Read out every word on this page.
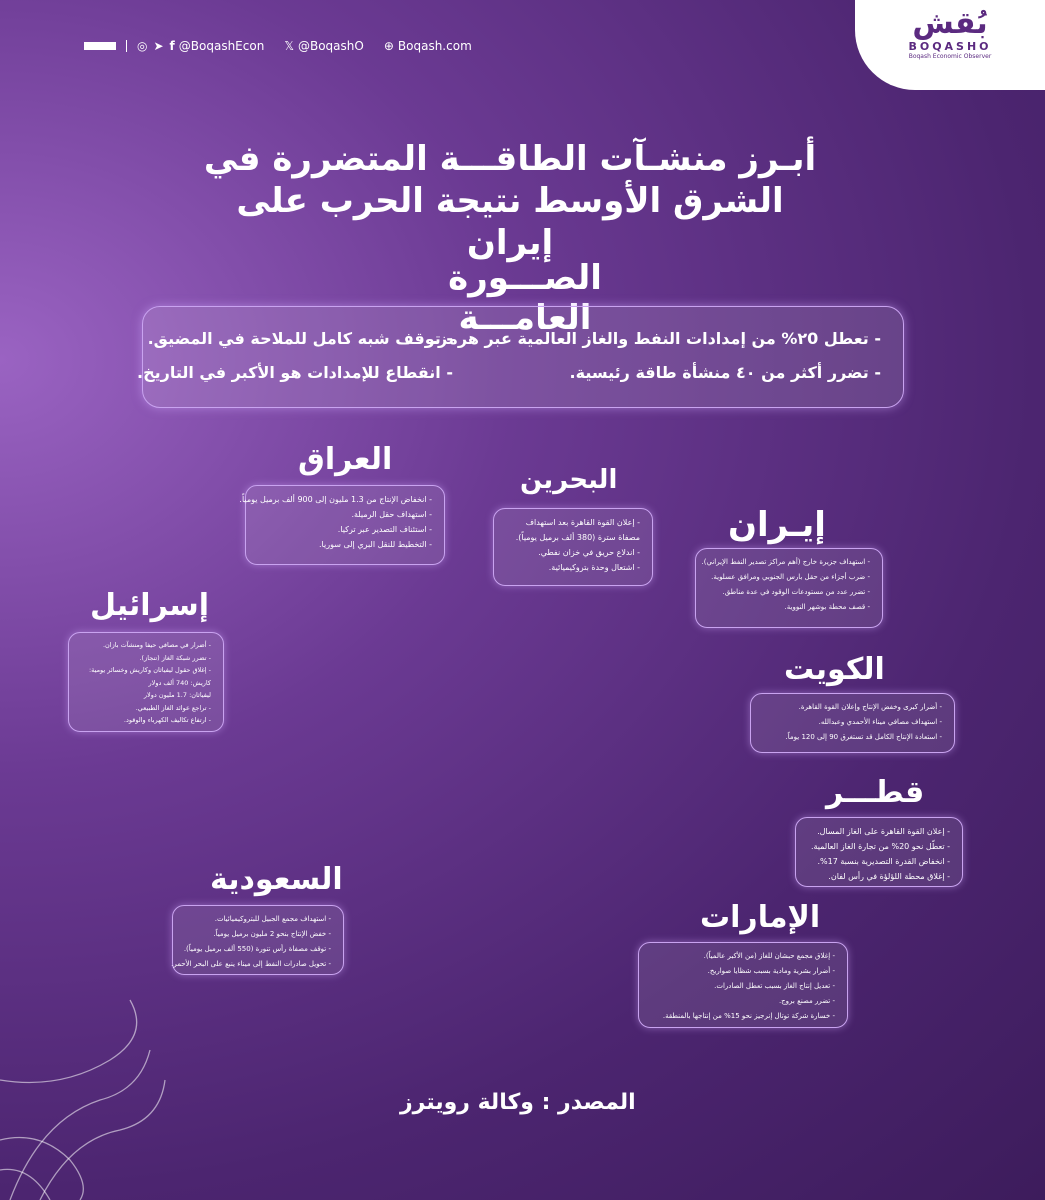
بُقش
BOQASHO
Boqash Economic Observer
◎ ➤ f @BoqashEcon 𝕏 @BoqashO ⊕ Boqash.com
أبـرز منشـآت الطاقـــة المتضررة في
الشرق الأوسط نتيجة الحرب على إيران
الصـــورة العامـــة
- تعطل ٢0% من إمدادات النفط والغاز العالمية عبر هرمز.
- توقف شبه كامل للملاحة في المضيق.
- تضرر أكثر من ٤٠ منشأة طاقة رئيسية.
- انقطاع للإمدادات هو الأكبر في التاريخ.
العراق
- انخفاض الإنتاج من 1.3 مليون إلى 900 ألف برميل يومياً.
- استهداف حقل الرميلة.
- استئناف التصدير عبر تركيا.
- التخطيط للنقل البري إلى سوريا.
البحرين
- إعلان القوة القاهرة بعد استهداف
مصفاة سترة (380 ألف برميل يومياً).
- اندلاع حريق في خزان نفطي.
- اشتعال وحدة بتروكيميائية.
إيـران
- استهداف جزيرة خارج (أهم مراكز تصدير النفط الإيراني).
- ضرب أجزاء من حقل بارس الجنوبي ومرافق عسلوية.
- تضرر عدد من مستودعات الوقود في عدة مناطق.
- قصف محطة بوشهر النووية.
إسرائيل
- أضرار في مصافي حيفا ومنشآت بازان.
- تضرر شبكة الغاز (تنجاز).
- إغلاق حقول ليفياثان وكاريش وخسائر يومية:
كاريش: 740 ألف دولار
ليفياثان: 1.7 مليون دولار
- تراجع عوائد الغاز الطبيعي.
- ارتفاع تكاليف الكهرباء والوقود.
الكويت
- أضرار كبرى وخفض الإنتاج وإعلان القوة القاهرة.
- استهداف مصافي ميناء الأحمدي وعبدالله.
- استعادة الإنتاج الكامل قد تستغرق 90 إلى 120 يوماً.
قطـــر
- إعلان القوة القاهرة على الغاز المسال.
- تعطّل نحو 20% من تجارة الغاز العالمية.
- انخفاض القدرة التصديرية بنسبة 17%.
- إغلاق محطة اللؤلؤة في رأس لفان.
السعودية
- استهداف مجمع الجبيل للبتروكيميائيات.
- خفض الإنتاج بنحو 2 مليون برميل يومياً.
- توقف مصفاة رأس تنورة (550 ألف برميل يومياً).
- تحويل صادرات النفط إلى ميناء ينبع على البحر الأحمر.
الإمارات
- إغلاق مجمع حبشان للغاز (من الأكبر عالمياً).
- أضرار بشرية ومادية بسبب شظايا صواريخ.
- تعديل إنتاج الغاز بسبب تعطل الصادرات.
- تضرر مصنع بروج.
- خسارة شركة توتال إنرجيز نحو 15% من إنتاجها بالمنطقة.
المصدر : وكالة رويترز
